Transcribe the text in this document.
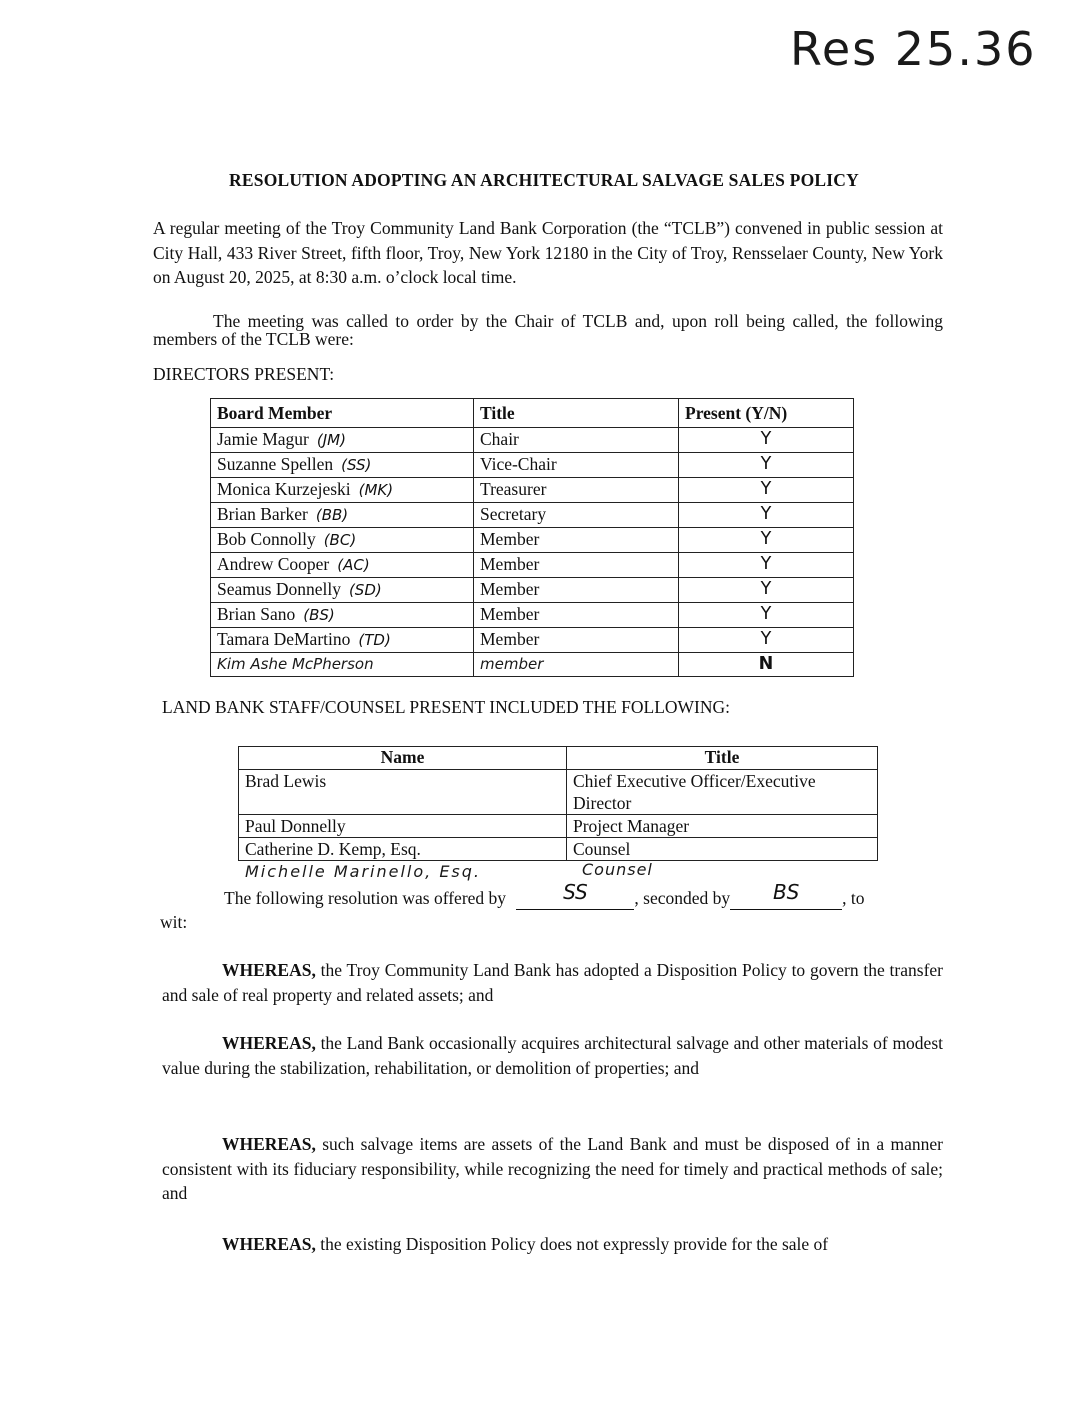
Res 25.36
RESOLUTION ADOPTING AN ARCHITECTURAL SALVAGE SALES POLICY
A regular meeting of the Troy Community Land Bank Corporation (the “TCLB”) convened in public session at City Hall, 433 River Street, fifth floor, Troy, New York 12180 in the City of Troy, Rensselaer County, New York on August 20, 2025, at 8:30 a.m. o’clock local time.
The meeting was called to order by the Chair of TCLB and, upon roll being called, the following members of the TCLB were:
DIRECTORS PRESENT:
Board Member	Title	Present (Y/N)
Jamie Magur (JM)	Chair	Y
Suzanne Spellen (SS)	Vice-Chair	Y
Monica Kurzejeski (MK)	Treasurer	Y
Brian Barker (BB)	Secretary	Y
Bob Connolly (BC)	Member	Y
Andrew Cooper (AC)	Member	Y
Seamus Donnelly (SD)	Member	Y
Brian Sano (BS)	Member	Y
Tamara DeMartino (TD)	Member	Y
Kim Ashe McPherson	member	N
LAND BANK STAFF/COUNSEL PRESENT INCLUDED THE FOLLOWING:
Name	Title
Brad Lewis	Chief Executive Officer/Executive Director
Paul Donnelly	Project Manager
Catherine D. Kemp, Esq.	Counsel
Michelle Marinello, Esq.	Counsel
The following resolution was offered by	SS	, seconded by	BS	, to
wit:
WHEREAS, the Troy Community Land Bank has adopted a Disposition Policy to govern the transfer and sale of real property and related assets; and
WHEREAS, the Land Bank occasionally acquires architectural salvage and other materials of modest value during the stabilization, rehabilitation, or demolition of properties; and
WHEREAS, such salvage items are assets of the Land Bank and must be disposed of in a manner consistent with its fiduciary responsibility, while recognizing the need for timely and practical methods of sale; and
WHEREAS, the existing Disposition Policy does not expressly provide for the sale of
